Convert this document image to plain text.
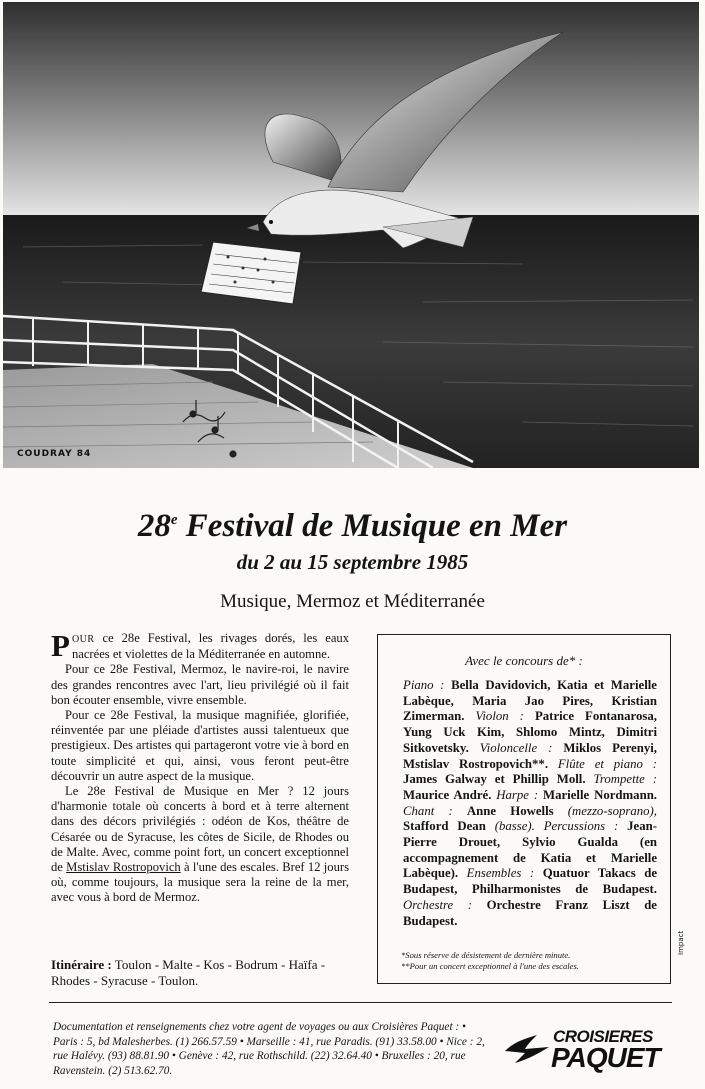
COUDRAY 84
28e Festival de Musique en Mer
du 2 au 15 septembre 1985
Musique, Mermoz et Méditerranée

POUR ce 28e Festival, les rivages dorés, les eaux nacrées et violettes de la Méditerranée en automne.

Pour ce 28e Festival, Mermoz, le navire-roi, le navire des grandes rencontres avec l'art, lieu privilégié où il fait bon écouter ensemble, vivre ensemble.

Pour ce 28e Festival, la musique magnifiée, glorifiée, réinventée par une pléiade d'artistes aussi talentueux que prestigieux. Des artistes qui partageront votre vie à bord en toute simplicité et qui, ainsi, vous feront peut-être découvrir un autre aspect de la musique.

Le 28e Festival de Musique en Mer ? 12 jours d'harmonie totale où concerts à bord et à terre alternent dans des décors privilégiés : odéon de Kos, théâtre de Césarée ou de Syracuse, les côtes de Sicile, de Rhodes ou de Malte. Avec, comme point fort, un concert exceptionnel de Mstislav Rostropovich à l'une des escales. Bref 12 jours où, comme toujours, la musique sera la reine de la mer, avec vous à bord de Mermoz.

Itinéraire : Toulon - Malte - Kos - Bodrum - Haïfa - Rhodes - Syracuse - Toulon.
Avec le concours de* :
Piano : Bella Davidovich, Katia et Marielle Labèque, Maria Jao Pires, Kristian Zimerman. Violon : Patrice Fontanarosa, Yung Uck Kim, Shlomo Mintz, Dimitri Sitkovetsky. Violoncelle : Miklos Perenyi, Mstislav Rostropovich**. Flûte et piano : James Galway et Phillip Moll. Trompette : Maurice André. Harpe : Marielle Nordmann. Chant : Anne Howells (mezzo-soprano), Stafford Dean (basse). Percussions : Jean-Pierre Drouet, Sylvio Gualda (en accompagnement de Katia et Marielle Labèque). Ensembles : Quatuor Takacs de Budapest, Philharmonistes de Budapest. Orchestre : Orchestre Franz Liszt de Budapest.
*Sous réserve de désistement de dernière minute.
**Pour un concert exceptionnel à l'une des escales.
Impact
Documentation et renseignements chez votre agent de voyages ou aux Croisières Paquet : • Paris : 5, bd Malesherbes. (1) 266.57.59 • Marseille : 41, rue Paradis. (91) 33.58.00 • Nice : 2, rue Halévy. (93) 88.81.90 • Genève : 42, rue Rothschild. (22) 32.64.40 • Bruxelles : 20, rue Ravenstein. (2) 513.62.70.
CROISIERES
PAQUET
